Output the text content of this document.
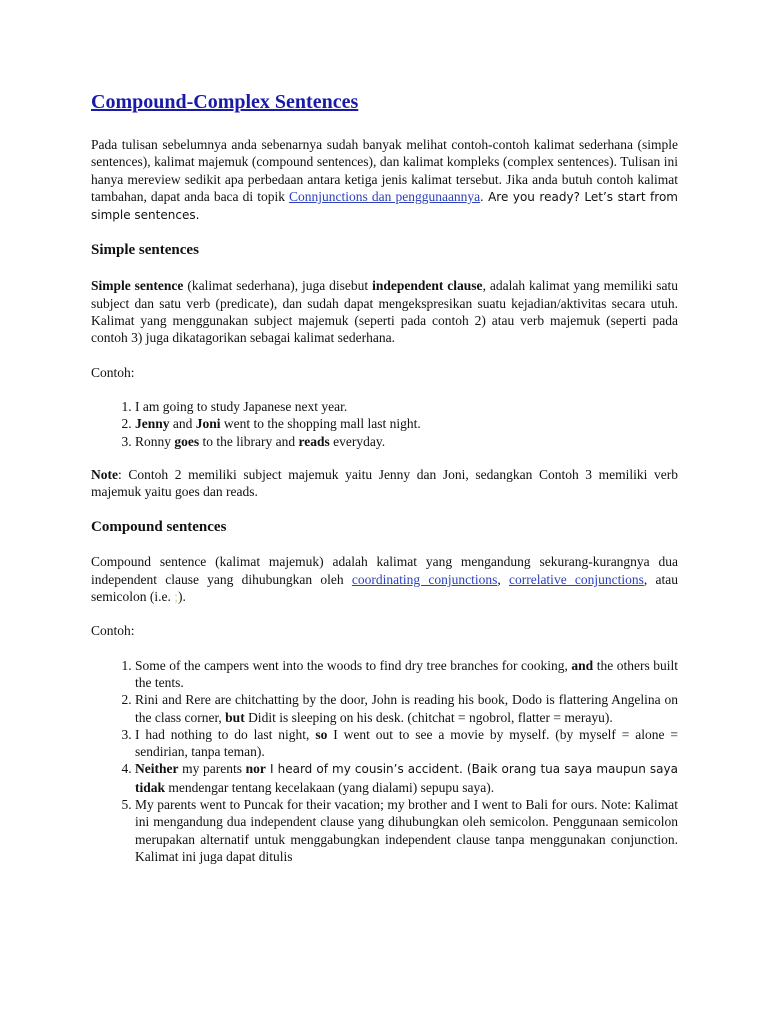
Compound-Complex Sentences

Pada tulisan sebelumnya anda sebenarnya sudah banyak melihat contoh-contoh kalimat sederhana (simple sentences), kalimat majemuk (compound sentences), dan kalimat kompleks (complex sentences). Tulisan ini hanya mereview sedikit apa perbedaan antara ketiga jenis kalimat tersebut. Jika anda butuh contoh kalimat tambahan, dapat anda baca di topik Connjunctions dan penggunaannya. Are you ready? Let’s start from simple sentences.

Simple sentences

Simple sentence (kalimat sederhana), juga disebut independent clause, adalah kalimat yang memiliki satu subject dan satu verb (predicate), dan sudah dapat mengekspresikan suatu kejadian/aktivitas secara utuh. Kalimat yang menggunakan subject majemuk (seperti pada contoh 2) atau verb majemuk (seperti pada contoh 3) juga dikatagorikan sebagai kalimat sederhana.

Contoh:

1. I am going to study Japanese next year.
2. Jenny and Joni went to the shopping mall last night.
3. Ronny goes to the library and reads everyday.

Note: Contoh 2 memiliki subject majemuk yaitu Jenny dan Joni, sedangkan Contoh 3 memiliki verb majemuk yaitu goes dan reads.

Compound sentences

Compound sentence (kalimat majemuk) adalah kalimat yang mengandung sekurang-kurangnya dua independent clause yang dihubungkan oleh coordinating conjunctions, correlative conjunctions, atau semicolon (i.e. ;).

Contoh:

1. Some of the campers went into the woods to find dry tree branches for cooking, and the others built the tents.
2. Rini and Rere are chitchatting by the door, John is reading his book, Dodo is flattering Angelina on the class corner, but Didit is sleeping on his desk. (chitchat = ngobrol, flatter = merayu).
3. I had nothing to do last night, so I went out to see a movie by myself. (by myself = alone = sendirian, tanpa teman).
4. Neither my parents nor I heard of my cousin’s accident. (Baik orang tua saya maupun saya tidak mendengar tentang kecelakaan (yang dialami) sepupu saya).
5. My parents went to Puncak for their vacation; my brother and I went to Bali for ours. Note: Kalimat ini mengandung dua independent clause yang dihubungkan oleh semicolon. Penggunaan semicolon merupakan alternatif untuk menggabungkan independent clause tanpa menggunakan conjunction. Kalimat ini juga dapat ditulis
